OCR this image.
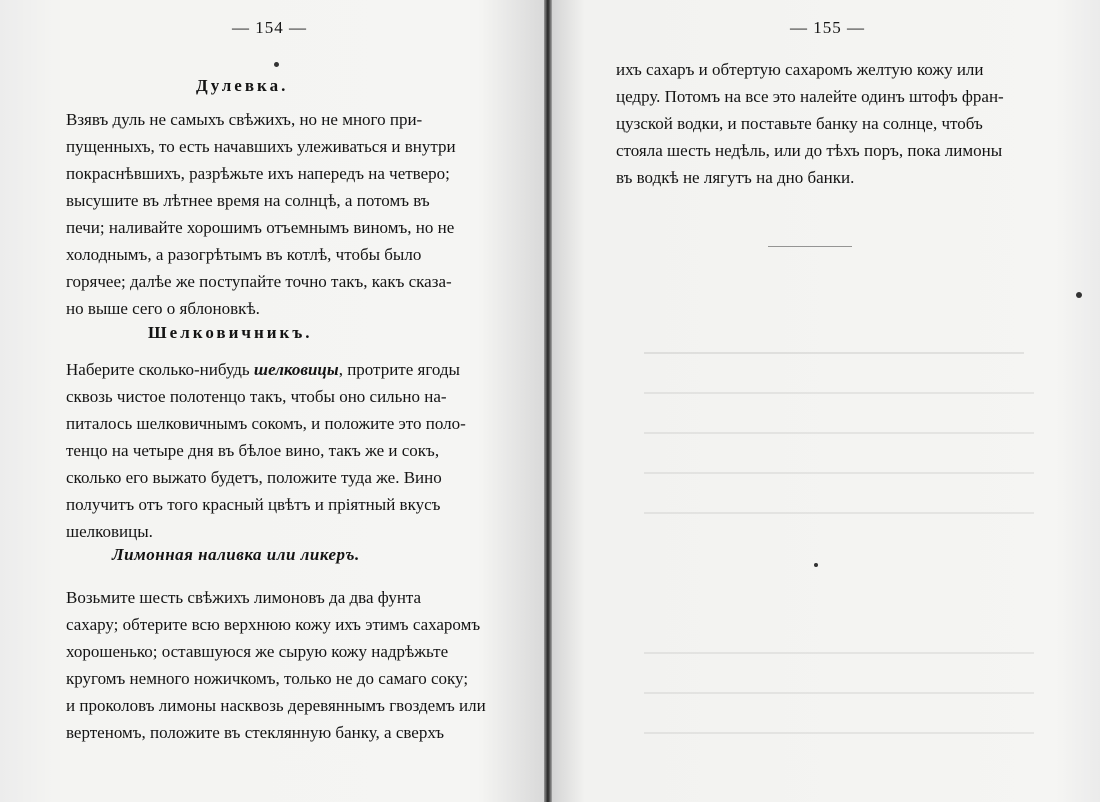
— 154 —
Дулевка.
Взявъ дуль не самыхъ свѣжихъ, но не много при-
пущенныхъ, то есть начавшихъ улеживаться и внутри
покраснѣвшихъ, разрѣжьте ихъ напередъ на четверо;
высушите въ лѣтнее время на солнцѣ, а потомъ въ
печи; наливайте хорошимъ отъемнымъ виномъ, но не
холоднымъ, а разогрѣтымъ въ котлѣ, чтобы было
горячее; далѣе же поступайте точно такъ, какъ сказа-
но выше сего о яблоновкѣ.
Шелковичникъ.
Наберите сколько-нибудь шелковицы, протрите ягоды
сквозь чистое полотенцо такъ, чтобы оно сильно на-
питалось шелковичнымъ сокомъ, и положите это поло-
тенцо на четыре дня въ бѣлое вино, такъ же и сокъ,
сколько его выжато будетъ, положите туда же. Вино
получитъ отъ того красный цвѣтъ и пріятный вкусъ
шелковицы.
Лимонная наливка или ликеръ.
Возьмите шесть свѣжихъ лимоновъ да два фунта
сахару; обтерите всю верхнюю кожу ихъ этимъ сахаромъ
хорошенько; оставшуюся же сырую кожу надрѣжьте
кругомъ немного ножичкомъ, только не до самаго соку;
и проколовъ лимоны насквозь деревяннымъ гвоздемъ или
вертеномъ, положите въ стеклянную банку, а сверхъ
— 155 —
ихъ сахаръ и обтертую сахаромъ желтую кожу или
цедру. Потомъ на все это налейте одинъ штофъ фран-
цузской водки, и поставьте банку на солнце, чтобъ
стояла шесть недѣль, или до тѣхъ поръ, пока лимоны
въ водкѣ не лягутъ на дно банки.
